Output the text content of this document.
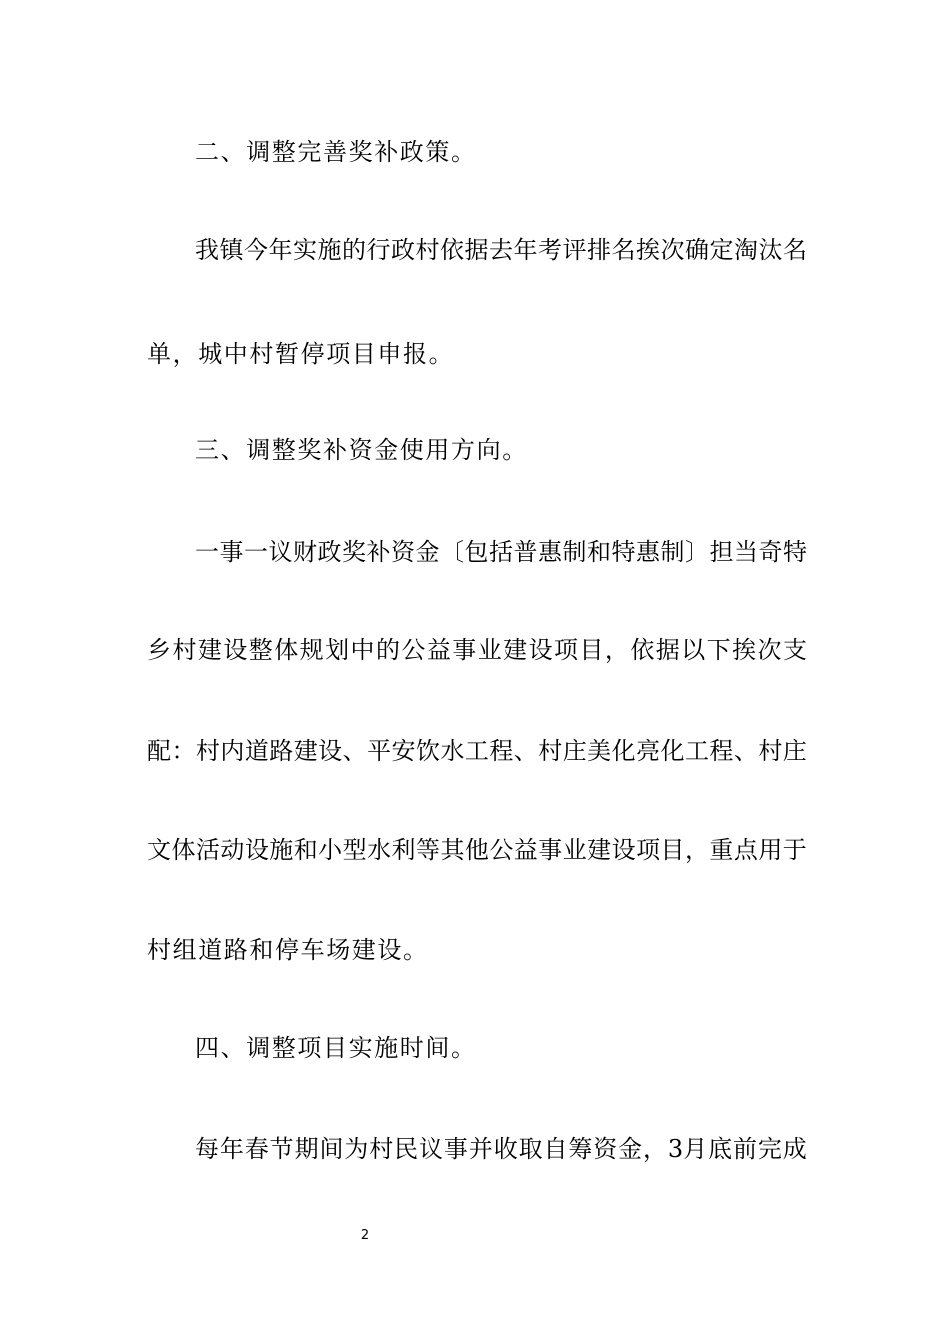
二、调整完善奖补政策。
我 镇 今 年 实 施 的 行 政 村 依 据 去 年 考 评 排 名 挨 次 确 定 淘 汰 名
单，城中村暂停项目申报。
三、调整奖补资金使用方向。
一 事 一 议 财 政 奖 补 资 金 〔 包 括 普 惠 制 和 特 惠 制 〕 担 当 奇 特
乡 村 建 设 整 体 规 划 中 的 公 益 事 业 建 设 项 目 ， 依 据 以 下 挨 次 支
配 ： 村 内 道 路 建 设 、 平 安 饮 水 工 程 、 村 庄 美 化 亮 化 工 程 、 村 庄
文 体 活 动 设 施 和 小 型 水 利 等 其 他 公 益 事 业 建 设 项 目 ， 重 点 用 于
村组道路和停车场建设。
四、调整项目实施时间。
每 年 春 节 期 间 为 村 民 议 事 并 收 取 自 筹 资 金 ， 3月 底 前 完 成
2
